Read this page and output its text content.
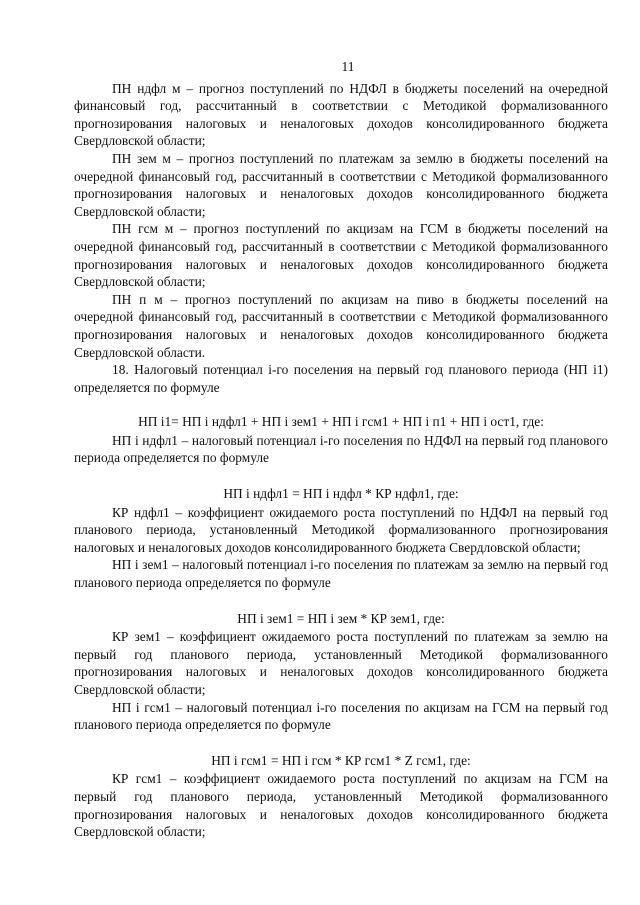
11

ПН ндфл м – прогноз поступлений по НДФЛ в бюджеты поселений на очередной финансовый год, рассчитанный в соответствии с Методикой формализованного прогнозирования налоговых и неналоговых доходов консолидированного бюджета Свердловской области;

ПН зем м – прогноз поступлений по платежам за землю в бюджеты поселений на очередной финансовый год, рассчитанный в соответствии с Методикой формализованного прогнозирования налоговых и неналоговых доходов консолидированного бюджета Свердловской области;

ПН гсм м – прогноз поступлений по акцизам на ГСМ в бюджеты поселений на очередной финансовый год, рассчитанный в соответствии с Методикой формализованного прогнозирования налоговых и неналоговых доходов консолидированного бюджета Свердловской области;

ПН п м – прогноз поступлений по акцизам на пиво в бюджеты поселений на очередной финансовый год, рассчитанный в соответствии с Методикой формализованного прогнозирования налоговых и неналоговых доходов консолидированного бюджета Свердловской области.

18. Налоговый потенциал i-го поселения на первый год планового периода (НП i1) определяется по формуле

НП i1= НП i ндфл1 + НП i зем1 + НП i гсм1 + НП i п1 + НП i ост1, где:

НП i ндфл1 – налоговый потенциал i-го поселения по НДФЛ на первый год планового периода определяется по формуле

НП i ндфл1 = НП i ндфл * КР ндфл1, где:

КР ндфл1 – коэффициент ожидаемого роста поступлений по НДФЛ на первый год планового периода, установленный Методикой формализованного прогнозирования налоговых и неналоговых доходов консолидированного бюджета Свердловской области;

НП i зем1 – налоговый потенциал i-го поселения по платежам за землю на первый год планового периода определяется по формуле

НП i зем1 = НП i зем * КР зем1, где:

КР зем1 – коэффициент ожидаемого роста поступлений по платежам за землю на первый год планового периода, установленный Методикой формализованного прогнозирования налоговых и неналоговых доходов консолидированного бюджета Свердловской области;

НП i гсм1 – налоговый потенциал i-го поселения по акцизам на ГСМ на первый год планового периода определяется по формуле

НП i гсм1 = НП i гсм * КР гсм1 * Z гсм1, где:

КР гсм1 – коэффициент ожидаемого роста поступлений по акцизам на ГСМ на первый год планового периода, установленный Методикой формализованного прогнозирования налоговых и неналоговых доходов консолидированного бюджета Свердловской области;
